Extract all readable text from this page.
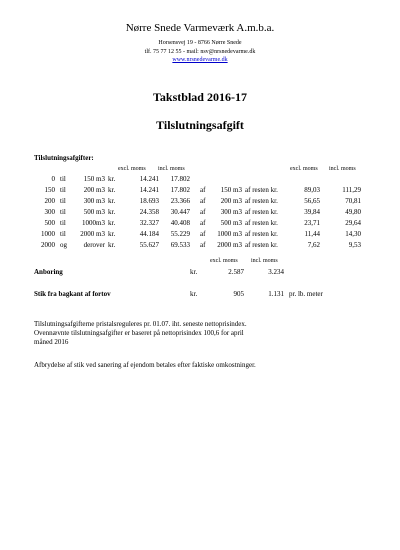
Nørre Snede Varmeværk A.m.b.a.
Horsensvej 19 - 8766 Nørre Snede
tlf. 75 77 12 55 - mail: nsv@nrsnedevarme.dk
www.nrsnedevarme.dk
Takstblad 2016-17
Tilslutningsafgift
Tilslutningsafgifter:
excl. moms incl. moms	excl. moms incl. moms
0 til	150 m3 kr.	14.241	17.802
150 til	200 m3 kr.	14.241	17.802 af	150 m3 af resten kr.	89,03	111,29
200 til	300 m3 kr.	18.693	23.366 af	200 m3 af resten kr.	56,65	70,81
300 til	500 m3 kr.	24.358	30.447 af	300 m3 af resten kr.	39,84	49,80
500 til	1000m3 kr.	32.327	40.408 af	500 m3 af resten kr.	23,71	29,64
1000 til	2000 m3 kr.	44.184	55.229 af	1000 m3 af resten kr.	11,44	14,30
2000 og	derover kr.	55.627	69.533 af	2000 m3 af resten kr.	7,62	9,53
excl. moms incl. moms
Anboring	kr.	2.587	3.234
Stik fra bagkant af fortov	kr.	905	1.131 pr. lb. meter
Tilslutningsafgifterne pristalsreguleres pr. 01.07. iht. seneste nettoprisindex.
Ovennævnte tilslutningsafgifter er baseret på nettoprisindex 100,6 for april
måned 2016
Afbrydelse af stik ved sanering af ejendom betales efter faktiske omkostninger.
